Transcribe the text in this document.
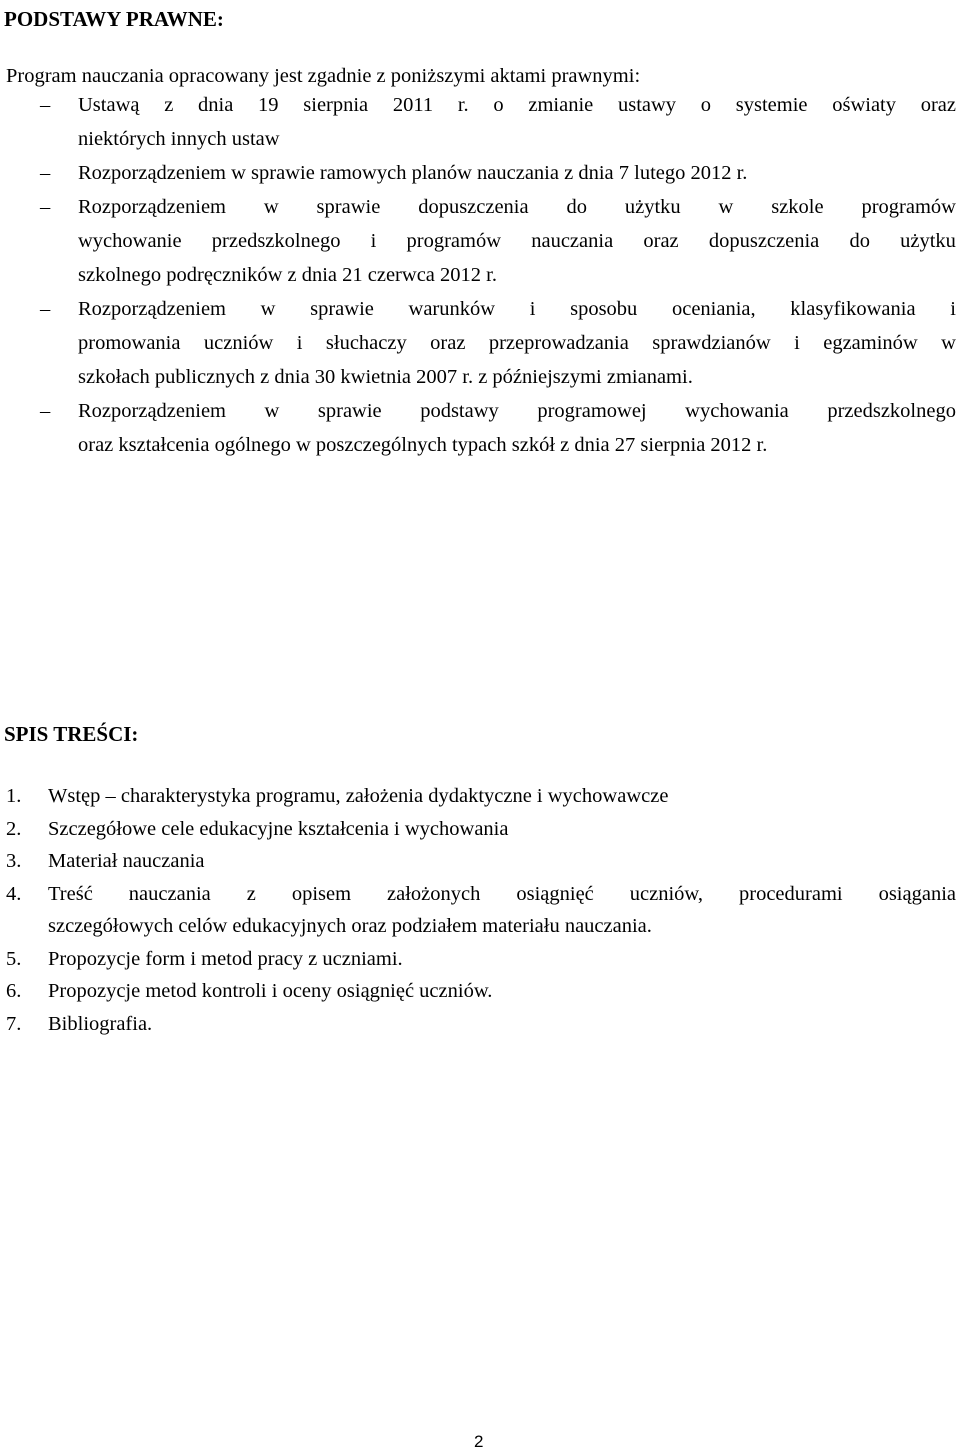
PODSTAWY PRAWNE:

Program nauczania opracowany jest zgadnie z poniższymi aktami prawnymi:

– Ustawą z dnia 19 sierpnia 2011 r. o zmianie ustawy o systemie oświaty oraz
niektórych innych ustaw
– Rozporządzeniem w sprawie ramowych planów nauczania z dnia 7 lutego 2012 r.
– Rozporządzeniem w sprawie dopuszczenia do użytku w szkole programów
wychowanie przedszkolnego i programów nauczania oraz dopuszczenia do użytku
szkolnego podręczników z dnia 21 czerwca 2012 r.
– Rozporządzeniem w sprawie warunków i sposobu oceniania, klasyfikowania i
promowania uczniów i słuchaczy oraz przeprowadzania sprawdzianów i egzaminów w
szkołach publicznych z dnia 30 kwietnia 2007 r. z późniejszymi zmianami.
– Rozporządzeniem w sprawie podstawy programowej wychowania przedszkolnego
oraz kształcenia ogólnego w poszczególnych typach szkół z dnia 27 sierpnia 2012 r.
SPIS TREŚCI:
1. Wstęp – charakterystyka programu, założenia dydaktyczne i wychowawcze
2. Szczegółowe cele edukacyjne kształcenia i wychowania
3. Materiał nauczania
4. Treść nauczania z opisem założonych osiągnięć uczniów, procedurami osiągania
szczegółowych celów edukacyjnych oraz podziałem materiału nauczania.
5. Propozycje form i metod pracy z uczniami.
6. Propozycje metod kontroli i oceny osiągnięć uczniów.
7. Bibliografia.
2
